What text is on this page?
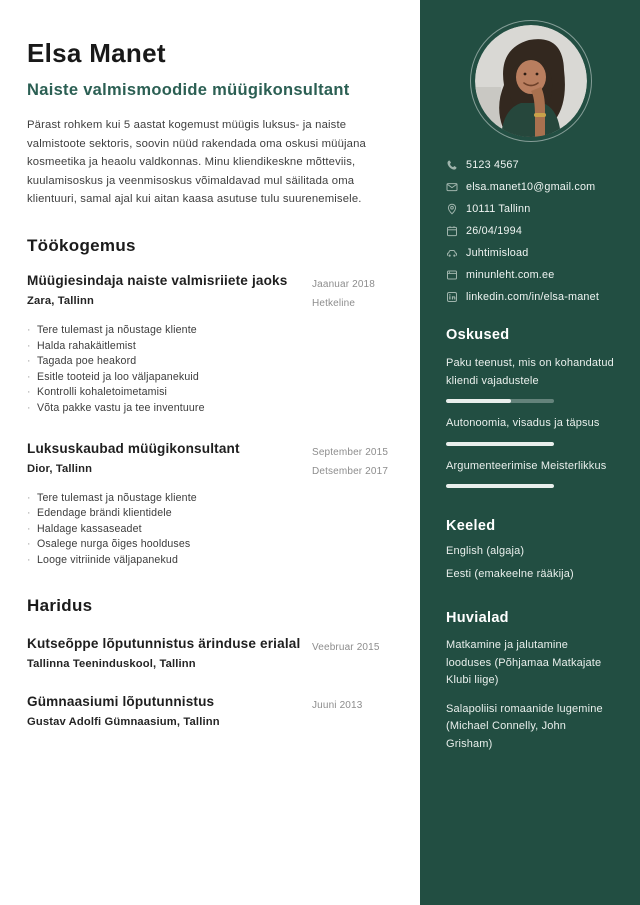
Elsa Manet
Naiste valmismoodide müügikonsultant
Pärast rohkem kui 5 aastat kogemust müügis luksus- ja naiste valmistoote sektoris, soovin nüüd rakendada oma oskusi müüjana kosmeetika ja heaolu valdkonnas. Minu kliendikeskne mõtteviis, kuulamisoskus ja veenmisoskus võimaldavad mul säilitada oma klientuuri, samal ajal kui aitan kaasa asutuse tulu suurenemisele.
Töökogemus
Müügiesindaja naiste valmisriiete jaoks
Zara, Tallinn
Jaanuar 2018
Hetkeline
· Tere tulemast ja nõustage kliente
· Halda rahakäitlemist
· Tagada poe heakord
· Esitle tooteid ja loo väljapanekuid
· Kontrolli kohaletoimetamisi
· Võta pakke vastu ja tee inventuure
Luksuskaubad müügikonsultant
Dior, Tallinn
September 2015
Detsember 2017
· Tere tulemast ja nõustage kliente
· Edendage brändi klientidele
· Haldage kassaseadet
· Osalege nurga õiges hoolduses
· Looge vitriinide väljapanekud
Haridus
Kutseõppe lõputunnistus ärinduse erialal
Tallinna Teeninduskool, Tallinn
Veebruar 2015
Gümnaasiumi lõputunnistus
Gustav Adolfi Gümnaasium, Tallinn
Juuni 2013
5123 4567
elsa.manet10@gmail.com
10111 Tallinn
26/04/1994
Juhtimisload
minunleht.com.ee
linkedin.com/in/elsa-manet
Oskused
Paku teenust, mis on kohandatud kliendi vajadustele
Autonoomia, visadus ja täpsus
Argumenteerimise Meisterlikkus
Keeled
English (algaja)
Eesti (emakeelne rääkija)
Huvialad
Matkamine ja jalutamine looduses (Põhjamaa Matkajate Klubi liige)
Salapoliisi romaanide lugemine (Michael Connelly, John Grisham)
